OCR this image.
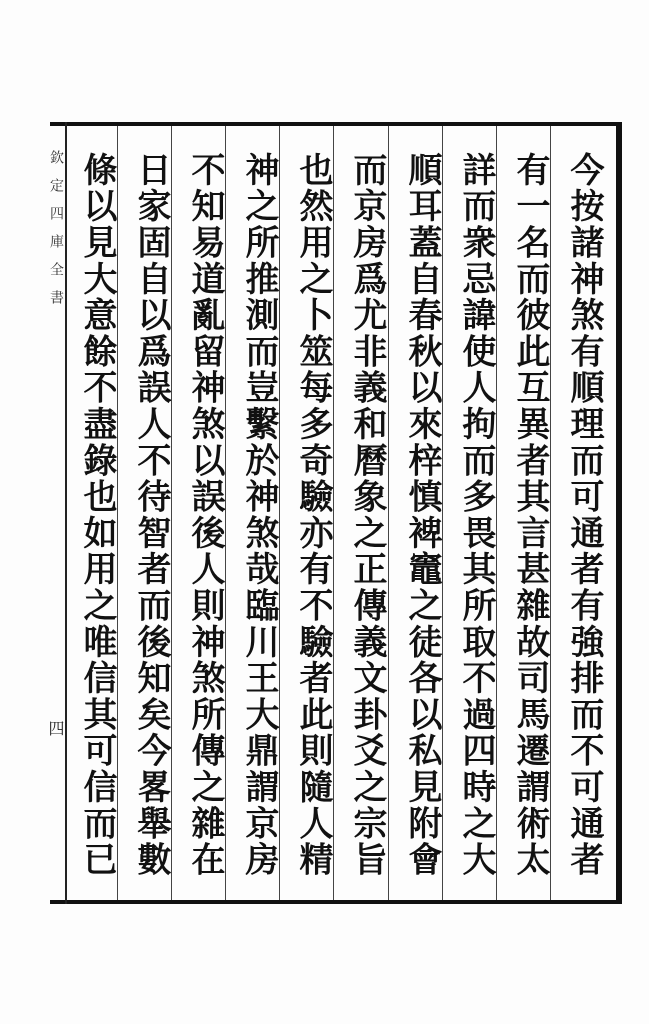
欽定四庫全書
四	今按諸神煞有順理而可通者有強排而不可通者
有一名而彼此互異者其言甚雜故司馬遷謂術太
詳而衆忌諱使人拘而多畏其所取不過四時之大
順耳蓋自春秋以來梓慎裨竈之徒各以私見附會
而京房爲尤非義和曆象之正傳義文卦爻之宗旨
也然用之卜筮每多奇驗亦有不驗者此則隨人精
神之所推測而豈繫於神煞哉臨川王大鼎謂京房
不知易道亂留神煞以誤後人則神煞所傳之雜在
日家固自以爲誤人不待智者而後知矣今畧舉數
條以見大意餘不盡錄也如用之唯信其可信而已
